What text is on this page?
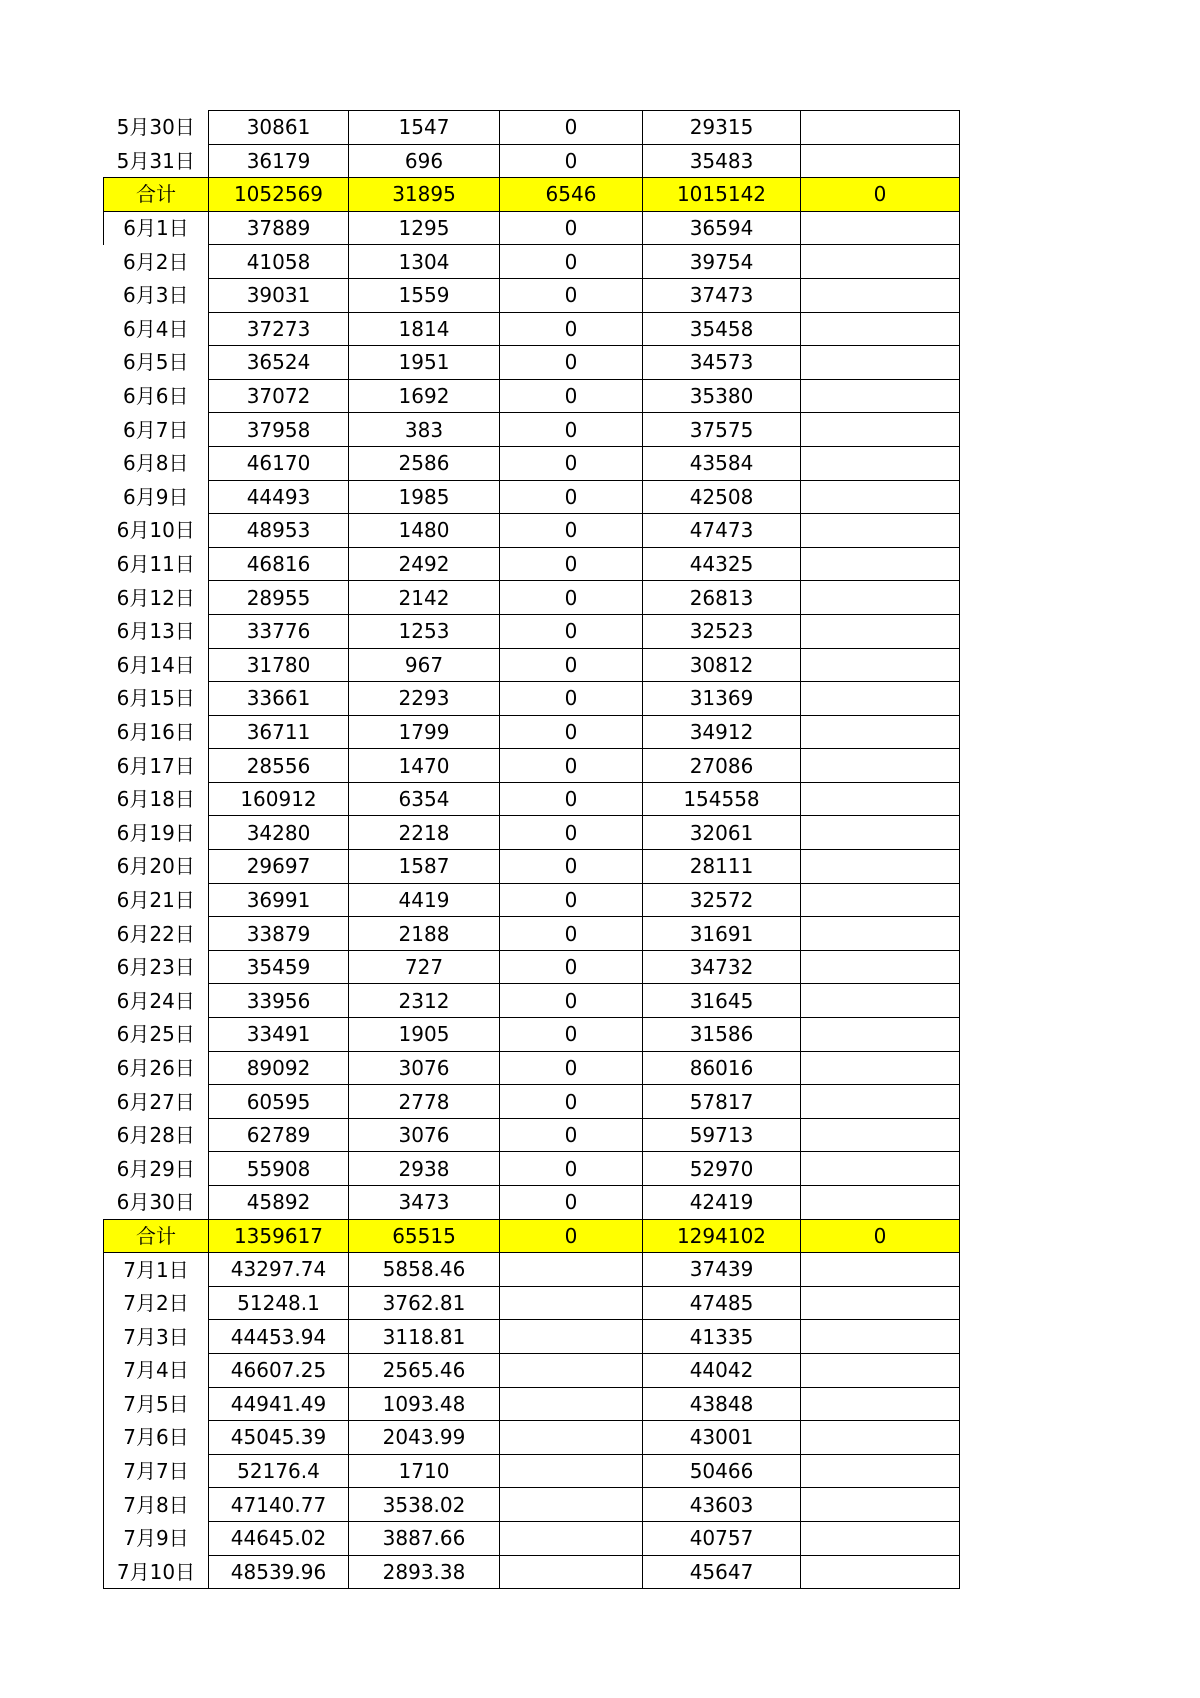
5月30日	30861	1547	0	29315	
5月31日	36179	696	0	35483	
合计	1052569	31895	6546	1015142	0
6月1日	37889	1295	0	36594	
6月2日	41058	1304	0	39754	
6月3日	39031	1559	0	37473	
6月4日	37273	1814	0	35458	
6月5日	36524	1951	0	34573	
6月6日	37072	1692	0	35380	
6月7日	37958	383	0	37575	
6月8日	46170	2586	0	43584	
6月9日	44493	1985	0	42508	
6月10日	48953	1480	0	47473	
6月11日	46816	2492	0	44325	
6月12日	28955	2142	0	26813	
6月13日	33776	1253	0	32523	
6月14日	31780	967	0	30812	
6月15日	33661	2293	0	31369	
6月16日	36711	1799	0	34912	
6月17日	28556	1470	0	27086	
6月18日	160912	6354	0	154558	
6月19日	34280	2218	0	32061	
6月20日	29697	1587	0	28111	
6月21日	36991	4419	0	32572	
6月22日	33879	2188	0	31691	
6月23日	35459	727	0	34732	
6月24日	33956	2312	0	31645	
6月25日	33491	1905	0	31586	
6月26日	89092	3076	0	86016	
6月27日	60595	2778	0	57817	
6月28日	62789	3076	0	59713	
6月29日	55908	2938	0	52970	
6月30日	45892	3473	0	42419	
合计	1359617	65515	0	1294102	0
7月1日	43297.74	5858.46		37439	
7月2日	51248.1	3762.81		47485	
7月3日	44453.94	3118.81		41335	
7月4日	46607.25	2565.46		44042	
7月5日	44941.49	1093.48		43848	
7月6日	45045.39	2043.99		43001	
7月7日	52176.4	1710		50466	
7月8日	47140.77	3538.02		43603	
7月9日	44645.02	3887.66		40757	
7月10日	48539.96	2893.38		45647	
